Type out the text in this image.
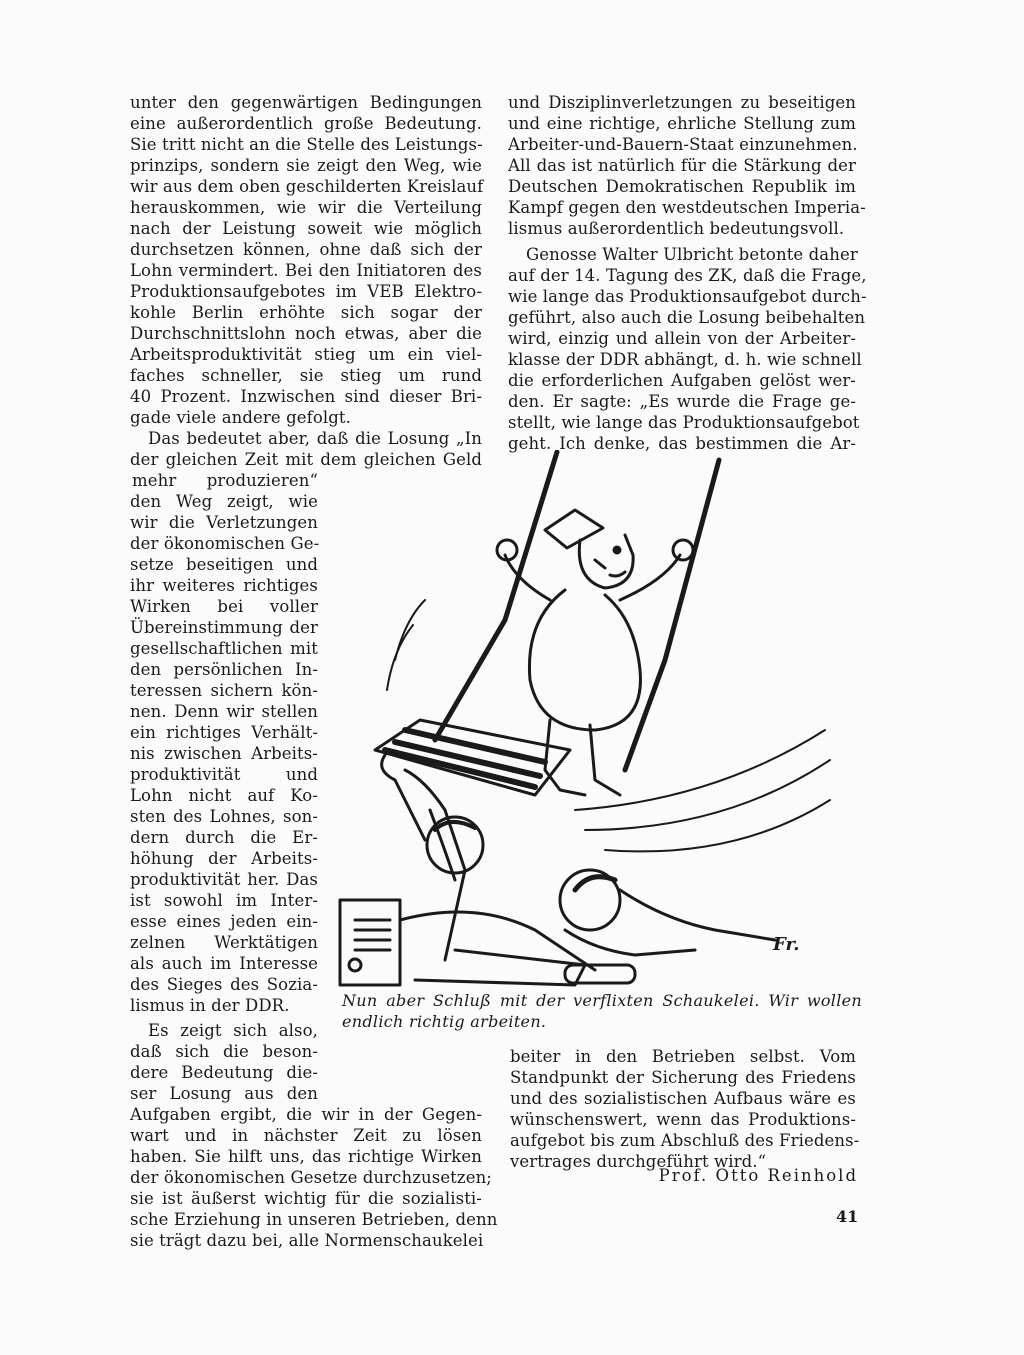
unter den gegenwärtigen Bedingungen
eine außerordentlich große Bedeutung.
Sie tritt nicht an die Stelle des Leistungs-
prinzips, sondern sie zeigt den Weg, wie
wir aus dem oben geschilderten Kreislauf
herauskommen, wie wir die Verteilung
nach der Leistung soweit wie möglich
durchsetzen können, ohne daß sich der
Lohn vermindert. Bei den Initiatoren des
Produktionsaufgebotes im VEB Elektro-
kohle Berlin erhöhte sich sogar der
Durchschnittslohn noch etwas, aber die
Arbeitsproduktivität stieg um ein viel-
faches schneller, sie stieg um rund
40 Prozent. Inzwischen sind dieser Bri-
gade viele andere gefolgt.
Das bedeutet aber, daß die Losung „In
der gleichen Zeit mit dem gleichen Geld
mehr produzieren“
den Weg zeigt, wie
wir die Verletzungen
der ökonomischen Ge-
setze beseitigen und
ihr weiteres richtiges
Wirken bei voller
Übereinstimmung der
gesellschaftlichen mit
den persönlichen In-
teressen sichern kön-
nen. Denn wir stellen
ein richtiges Verhält-
nis zwischen Arbeits-
produktivität und
Lohn nicht auf Ko-
sten des Lohnes, son-
dern durch die Er-
höhung der Arbeits-
produktivität her. Das
ist sowohl im Inter-
esse eines jeden ein-
zelnen Werktätigen
als auch im Interesse
des Sieges des Sozia-
lismus in der DDR.
Es zeigt sich also,
daß sich die beson-
dere Bedeutung die-
ser Losung aus den
Aufgaben ergibt, die wir in der Gegen-
wart und in nächster Zeit zu lösen
haben. Sie hilft uns, das richtige Wirken
der ökonomischen Gesetze durchzusetzen;
sie ist äußerst wichtig für die sozialisti-
sche Erziehung in unseren Betrieben, denn
sie trägt dazu bei, alle Normenschaukelei
und Disziplinverletzungen zu beseitigen
und eine richtige, ehrliche Stellung zum
Arbeiter-und-Bauern-Staat einzunehmen.
All das ist natürlich für die Stärkung der
Deutschen Demokratischen Republik im
Kampf gegen den westdeutschen Imperia-
lismus außerordentlich bedeutungsvoll.
Genosse Walter Ulbricht betonte daher
auf der 14. Tagung des ZK, daß die Frage,
wie lange das Produktionsaufgebot durch-
geführt, also auch die Losung beibehalten
wird, einzig und allein von der Arbeiter-
klasse der DDR abhängt, d. h. wie schnell
die erforderlichen Aufgaben gelöst wer-
den. Er sagte: „Es wurde die Frage ge-
stellt, wie lange das Produktionsaufgebot
geht. Ich denke, das bestimmen die Ar-
Fr.
Nun aber Schluß mit der verflixten Schaukelei. Wir wollen
endlich richtig arbeiten.
beiter in den Betrieben selbst. Vom
Standpunkt der Sicherung des Friedens
und des sozialistischen Aufbaus wäre es
wünschenswert, wenn das Produktions-
aufgebot bis zum Abschluß des Friedens-
vertrages durchgeführt wird.“
Prof. Otto Reinhold
41
